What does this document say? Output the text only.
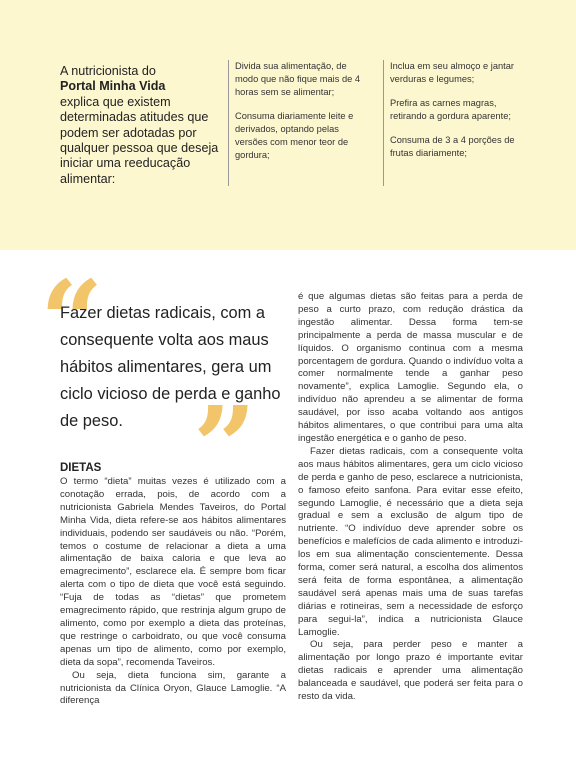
A nutricionista do
Portal Minha Vida
explica que existem determinadas atitudes que podem ser adotadas por qualquer pessoa que deseja iniciar uma reeducação alimentar:

Divida sua alimentação, de modo que não fique mais de 4 horas sem se alimentar;

Consuma diariamente leite e derivados, optando pelas versões com menor teor de gordura;

Inclua em seu almoço e jantar verduras e legumes;

Prefira as carnes magras, retirando a gordura aparente;

Consuma de 3 a 4 porções de frutas diariamente;

“
Fazer dietas radicais, com a consequente volta aos maus hábitos alimentares, gera um ciclo vicioso de perda e ganho de peso. ”
DIETAS

O termo “dieta” muitas vezes é utilizado com a conotação errada, pois, de acordo com a nutricionista Gabriela Mendes Taveiros, do Portal Minha Vida, dieta refere-se aos hábitos alimentares individuais, podendo ser saudáveis ou não. “Porém, temos o costume de relacionar a dieta a uma alimentação de baixa caloria e que leva ao emagrecimento”, esclarece ela. É sempre bom ficar alerta com o tipo de dieta que você está seguindo. “Fuja de todas as “dietas” que prometem emagrecimento rápido, que restrinja algum grupo de alimento, como por exemplo a dieta das proteínas, que restringe o carboidrato, ou que você consuma apenas um tipo de alimento, como por exemplo, dieta da sopa”, recomenda Taveiros.

Ou seja, dieta funciona sim, garante a nutricionista da Clínica Oryon, Glauce Lamoglie. “A diferença

é que algumas dietas são feitas para a perda de peso a curto prazo, com redução drástica da ingestão alimentar. Dessa forma tem-se principalmente a perda de massa muscular e de líquidos. O organismo continua com a mesma porcentagem de gordura. Quando o indivíduo volta a comer normalmente tende a ganhar peso novamente”, explica Lamoglie. Segundo ela, o indivíduo não aprendeu a se alimentar de forma saudável, por isso acaba voltando aos antigos hábitos alimentares, o que contribui para uma alta ingestão energética e o ganho de peso.

Fazer dietas radicais, com a consequente volta aos maus hábitos alimentares, gera um ciclo vicioso de perda e ganho de peso, esclarece a nutricionista, o famoso efeito sanfona. Para evitar esse efeito, segundo Lamoglie, é necessário que a dieta seja gradual e sem a exclusão de algum tipo de nutriente. “O indivíduo deve aprender sobre os benefícios e malefícios de cada alimento e introduzi-los em sua alimentação conscientemente. Dessa forma, comer será natural, a escolha dos alimentos será feita de forma espontânea, a alimentação saudável será apenas mais uma de suas tarefas diárias e rotineiras, sem a necessidade de esforço para segui-la”, indica a nutricionista Glauce Lamoglie.

Ou seja, para perder peso e manter a alimentação por longo prazo é importante evitar dietas radicais e aprender uma alimentação balanceada e saudável, que poderá ser feita para o resto da vida.
